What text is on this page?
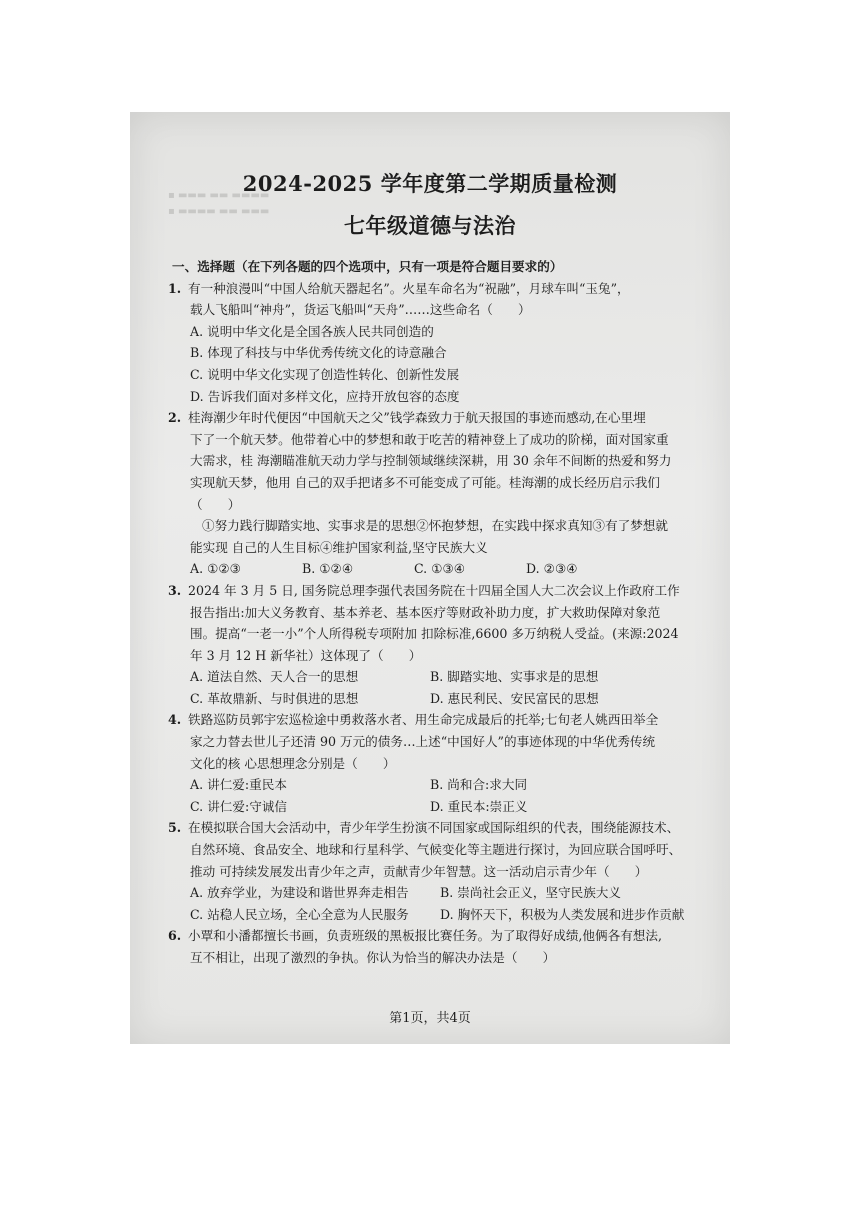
▪ ▬▬▬ ▬▬ ▬▬▬▬
▪ ▬▬▬▬ ▬▬ ▬▬▬
2024-2025 学年度第二学期质量检测
七年级道德与法治
一、选择题（在下列各题的四个选项中，只有一项是符合题目要求的）
1. 有一种浪漫叫“中国人给航天器起名”。火星车命名为“祝融”，月球车叫“玉兔”，
载人飞船叫“神舟”，货运飞船叫“天舟”……这些命名（　　）
A. 说明中华文化是全国各族人民共同创造的
B. 体现了科技与中华优秀传统文化的诗意融合
C. 说明中华文化实现了创造性转化、创新性发展
D. 告诉我们面对多样文化，应持开放包容的态度
2. 桂海潮少年时代便因“中国航天之父”钱学森致力于航天报国的事迹而感动,在心里埋
下了一个航天梦。他带着心中的梦想和敢于吃苦的精神登上了成功的阶梯，面对国家重
大需求，桂 海潮瞄准航天动力学与控制领域继续深耕，用 30 余年不间断的热爱和努力
实现航天梦，他用 自己的双手把诸多不可能变成了可能。桂海潮的成长经历启示我们
（　　）
①努力践行脚踏实地、实事求是的思想②怀抱梦想，在实践中探求真知③有了梦想就
能实现 自己的人生目标④维护国家利益,坚守民族大义
A. ①②③	B. ①②④	C. ①③④	D. ②③④
3. 2024 年 3 月 5 日, 国务院总理李强代表国务院在十四届全国人大二次会议上作政府工作
报告指出:加大义务教育、基本养老、基本医疗等财政补助力度，扩大救助保障对象范
围。提高“一老一小”个人所得税专项附加 扣除标准,6600 多万纳税人受益。(来源:2024
年 3 月 12 H 新华社）这体现了（　　）
A. 道法自然、天人合一的思想	B. 脚踏实地、实事求是的思想
C. 革故鼎新、与时俱进的思想	D. 惠民利民、安民富民的思想
4. 铁路巡防员郭宇宏巡检途中勇救落水者、用生命完成最后的托举;七旬老人姚西田举全
家之力替去世儿子还清 90 万元的债务…上述“中国好人”的事迹体现的中华优秀传统
文化的核 心思想理念分别是（　　）
A. 讲仁爱:重民本	B. 尚和合:求大同
C. 讲仁爱:守诚信	D. 重民本:崇正义
5. 在模拟联合国大会活动中，青少年学生扮演不同国家或国际组织的代表，围绕能源技术、
自然环境、食品安全、地球和行星科学、气候变化等主题进行探讨，为回应联合国呼吁、
推动 可持续发展发出青少年之声，贡献青少年智慧。这一活动启示青少年（　　）
A. 放弃学业，为建设和谐世界奔走相告	B. 崇尚社会正义，坚守民族大义
C. 站稳人民立场，全心全意为人民服务	D. 胸怀天下，积极为人类发展和进步作贡献
6. 小覃和小潘都擅长书画，负责班级的黑板报比赛任务。为了取得好成绩,他俩各有想法,
互不相让，出现了激烈的争执。你认为恰当的解决办法是（　　）
第1页，共4页
